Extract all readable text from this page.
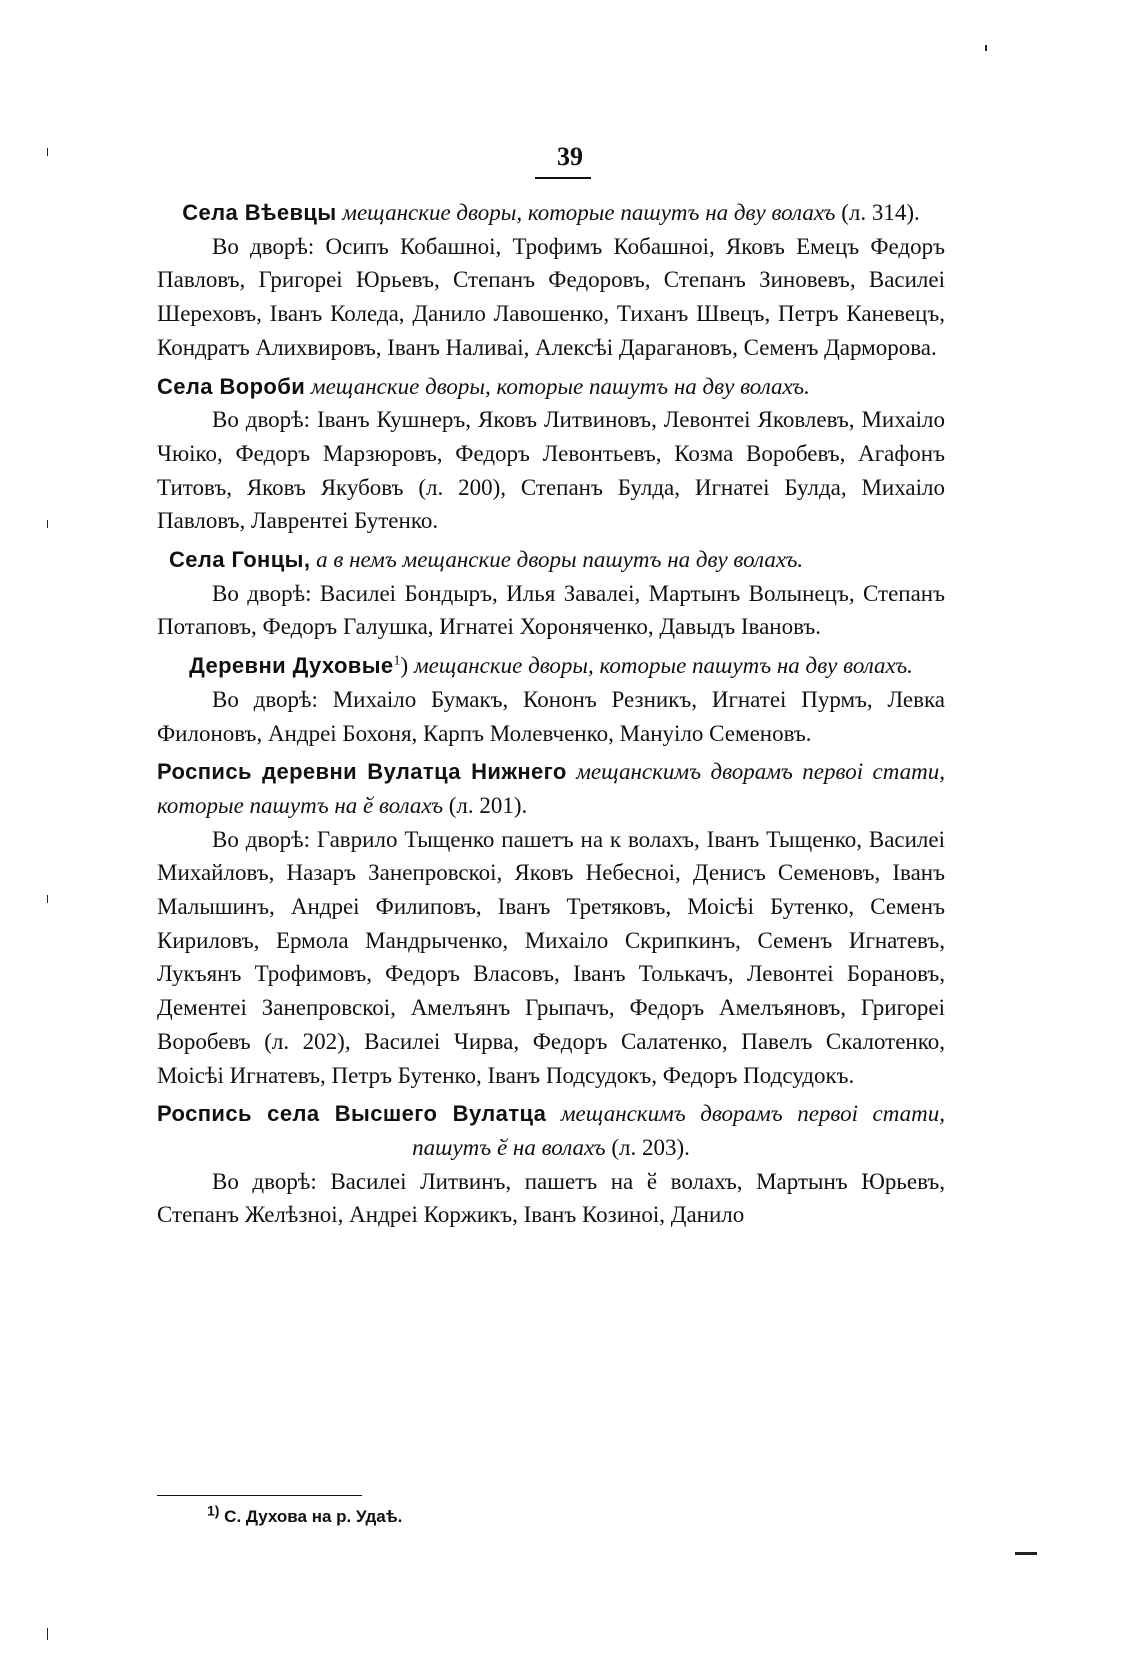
39

Села Вѣевцы мещанские дворы, которые пашутъ на дву волахъ (л. 314).

Во дворѣ: Осипъ Кобашноi, Трофимъ Кобашноi, Яковъ Емецъ Федоръ Павловъ, Григореi Юрьевъ, Степанъ Федоровъ, Степанъ Зиновевъ, Василеi Шереховъ, Iванъ Коледа, Данило Лавошенко, Тиханъ Швецъ, Петръ Каневецъ, Кондратъ Алихвировъ, Iванъ Наливаi, Алексѣi Дарагановъ, Семенъ Дарморова.

Села Вороби мещанские дворы, которые пашутъ на дву волахъ.

Во дворѣ: Iванъ Кушнеръ, Яковъ Литвиновъ, Левонтеi Яковлевъ, Михаiло Чюiко, Федоръ Марзюровъ, Федоръ Левонтьевъ, Козма Воробевъ, Агафонъ Титовъ, Яковъ Якубовъ (л. 200), Степанъ Булда, Игнатеi Булда, Михаiло Павловъ, Лаврентеi Бутенко.

Села Гонцы, а в немъ мещанские дворы пашутъ на дву волахъ.

Во дворѣ: Василеi Бондыръ, Илья Завалеi, Мартынъ Волынецъ, Степанъ Потаповъ, Федоръ Галушка, Игнатеi Хороняченко, Давыдъ Iвановъ.

Деревни Духовые$^1$) мещанские дворы, которые пашутъ на дву волахъ.

Во дворѣ: Михаiло Бумакъ, Кононъ Резникъ, Игнатеi Пурмъ, Левка Филоновъ, Андреi Бохоня, Карпъ Молевченко, Мануiло Семеновъ.

Роспись деревни Вулатца Нижнего мещанскимъ дворамъ первоi стати, которые пашутъ на ӗ волахъ (л. 201).

Во дворѣ: Гаврило Тыщенко пашетъ на к волахъ, Iванъ Тыщенко, Василеi Михайловъ, Назаръ Занепровскоi, Яковъ Небесноi, Денисъ Семеновъ, Iванъ Малышинъ, Андреi Филиповъ, Iванъ Третяковъ, Моiсѣi Бутенко, Семенъ Кириловъ, Ермола Мандрыченко, Михаiло Скрипкинъ, Семенъ Игнатевъ, Лукъянъ Трофимовъ, Федоръ Власовъ, Iванъ Толькачъ, Левонтеi Борановъ, Дементеi Занепровскоi, Амелъянъ Грыпачъ, Федоръ Амелъяновъ, Григореi Воробевъ (л. 202), Василеi Чирва, Федоръ Салатенко, Павелъ Скалотенко, Моiсѣi Игнатевъ, Петръ Бутенко, Iванъ Подсудокъ, Федоръ Подсудокъ.

Роспись села Высшего Вулатца мещанскимъ дворамъ первоi стати, пашутъ ӗ на волахъ (л. 203).

Во дворѣ: Василеi Литвинъ, пашетъ на ӗ волахъ, Мартынъ Юрьевъ, Степанъ Желѣзноi, Андреi Коржикъ, Iванъ Козиноi, Данило

$^{1)}$ С. Духова на р. Удаѣ.
